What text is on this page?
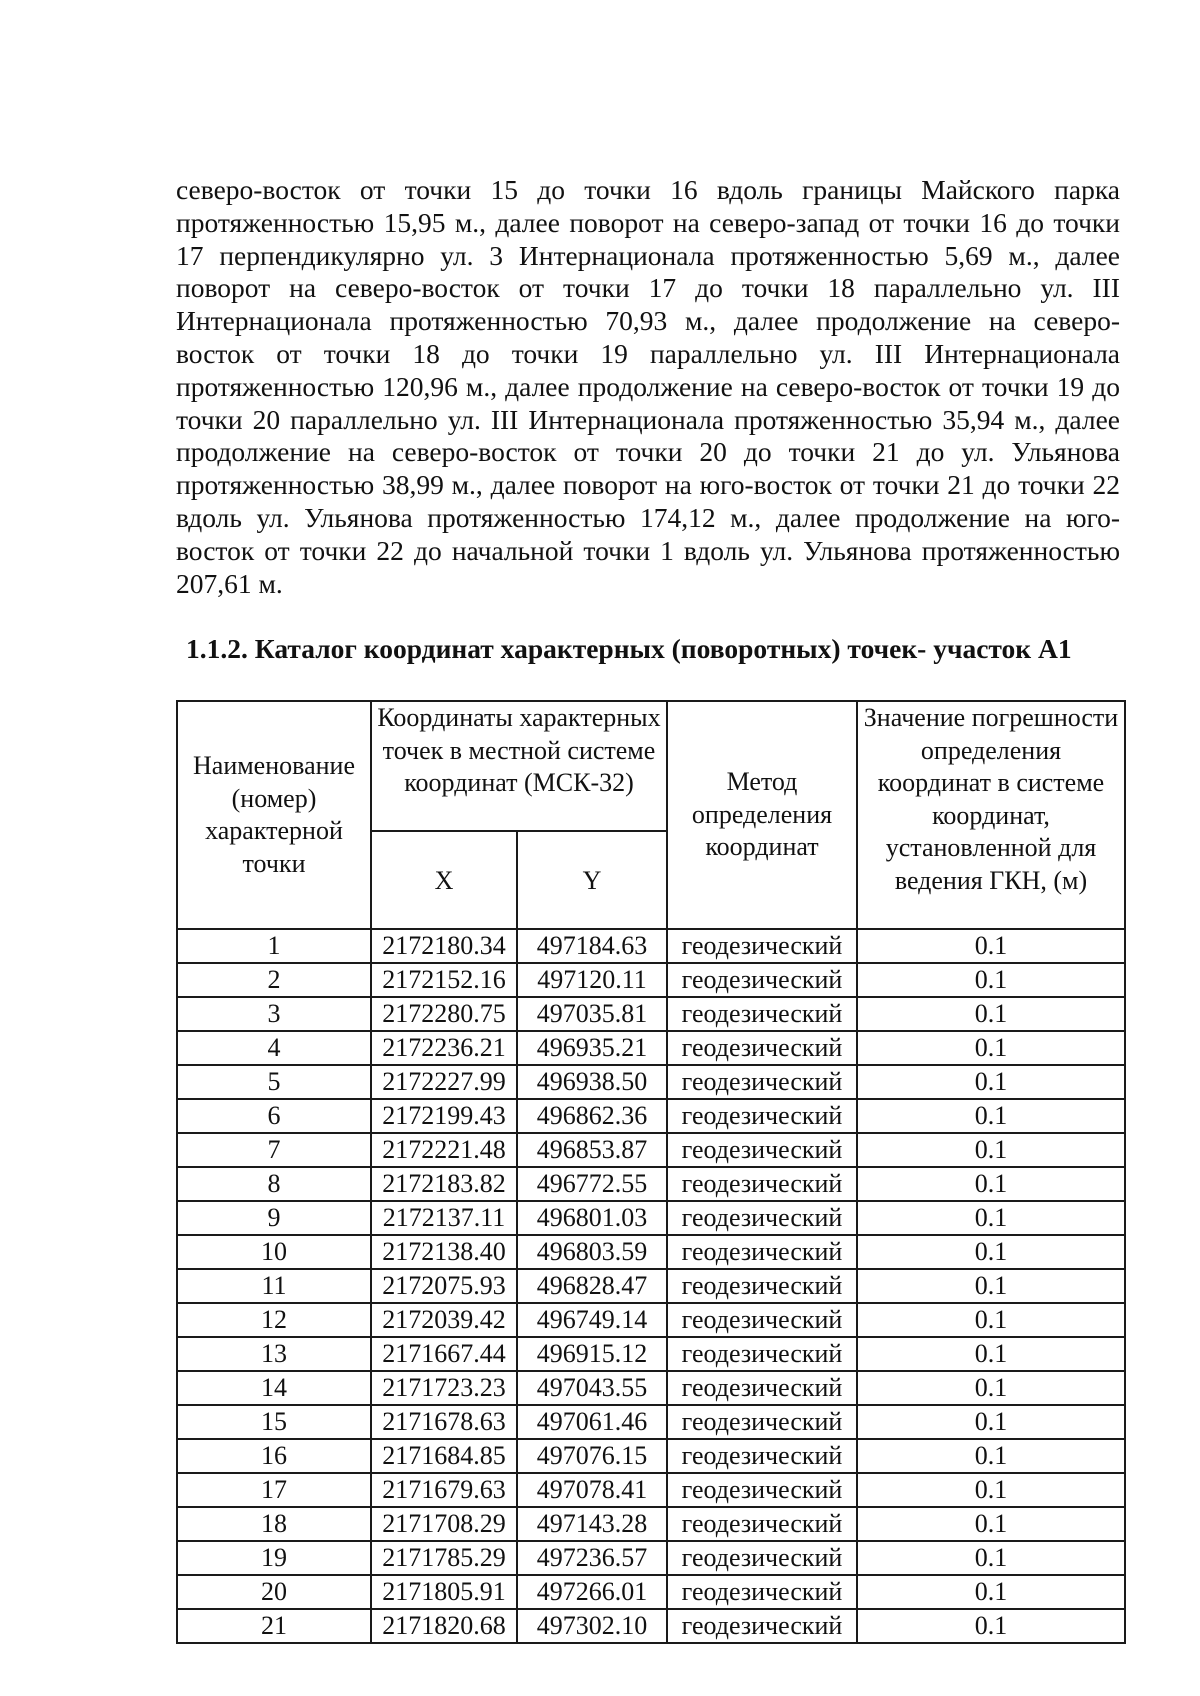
северо-восток от точки 15 до точки 16 вдоль границы Майского парка протяженностью 15,95 м., далее поворот на северо-запад от точки 16 до точки 17 перпендикулярно ул. 3 Интернационала протяженностью 5,69 м., далее поворот на северо-восток от точки 17 до точки 18 параллельно ул. III Интернационала протяженностью 70,93 м., далее продолжение на северо-восток от точки 18 до точки 19 параллельно ул. III Интернационала протяженностью 120,96 м., далее продолжение на северо-восток от точки 19 до точки 20 параллельно ул. III Интернационала протяженностью 35,94 м., далее продолжение на северо-восток от точки 20 до точки 21 до ул. Ульянова протяженностью 38,99 м., далее поворот на юго-восток от точки 21 до точки 22 вдоль ул. Ульянова протяженностью 174,12 м., далее продолжение на юго-восток от точки 22 до начальной точки 1 вдоль ул. Ульянова протяженностью 207,61 м.

1.1.2. Каталог координат характерных (поворотных) точек- участок А1
Наименование (номер) характерной точки	Координаты характерных точек в местной системе координат (МСК-32)		Метод определения координат	Значение погрешности определения координат в системе координат, установленной для ведения ГКН, (м)
	X	Y		
1	2172180.34	497184.63	геодезический	0.1
2	2172152.16	497120.11	геодезический	0.1
3	2172280.75	497035.81	геодезический	0.1
4	2172236.21	496935.21	геодезический	0.1
5	2172227.99	496938.50	геодезический	0.1
6	2172199.43	496862.36	геодезический	0.1
7	2172221.48	496853.87	геодезический	0.1
8	2172183.82	496772.55	геодезический	0.1
9	2172137.11	496801.03	геодезический	0.1
10	2172138.40	496803.59	геодезический	0.1
11	2172075.93	496828.47	геодезический	0.1
12	2172039.42	496749.14	геодезический	0.1
13	2171667.44	496915.12	геодезический	0.1
14	2171723.23	497043.55	геодезический	0.1
15	2171678.63	497061.46	геодезический	0.1
16	2171684.85	497076.15	геодезический	0.1
17	2171679.63	497078.41	геодезический	0.1
18	2171708.29	497143.28	геодезический	0.1
19	2171785.29	497236.57	геодезический	0.1
20	2171805.91	497266.01	геодезический	0.1
21	2171820.68	497302.10	геодезический	0.1
